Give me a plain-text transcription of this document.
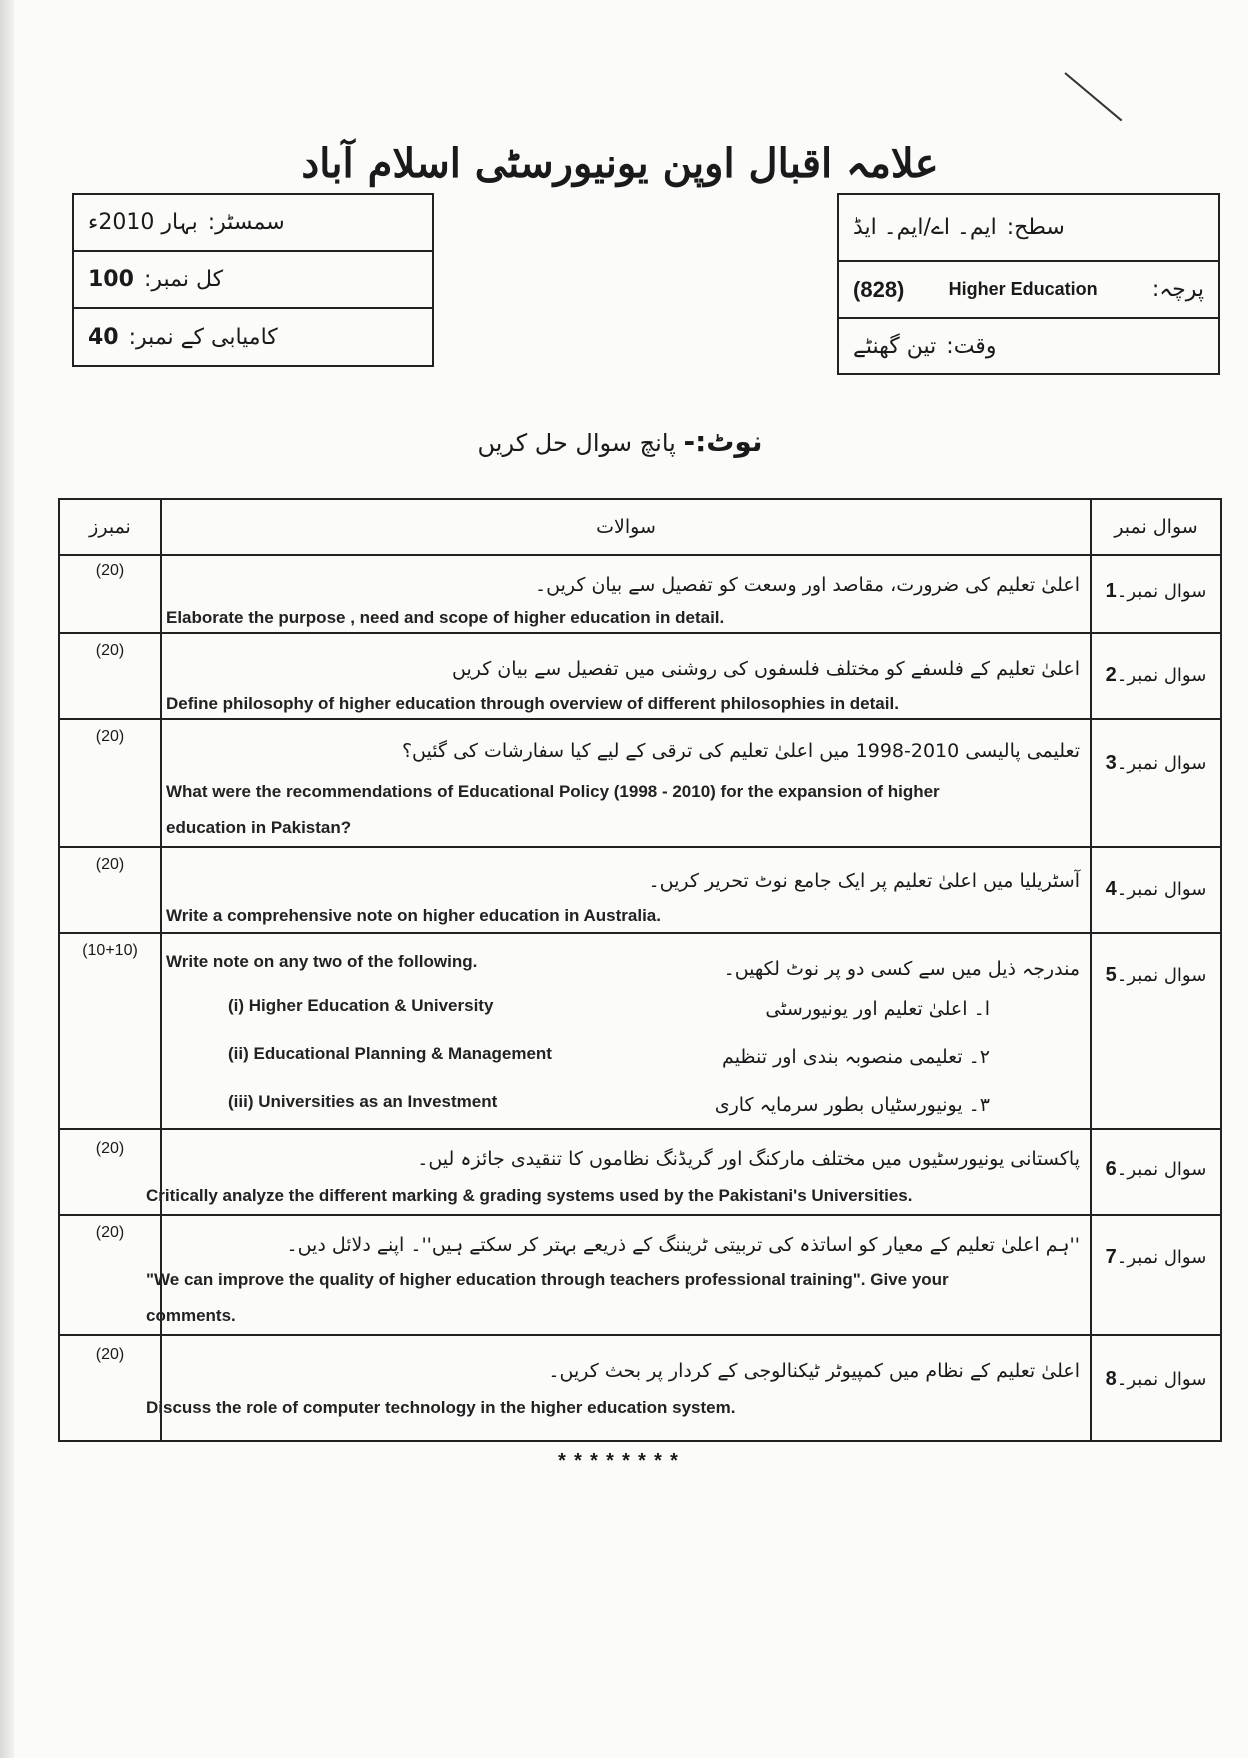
علامہ اقبال اوپن یونیورسٹی اسلام آباد
سمسٹر:
بہار 2010ء
کل نمبر:
100
کامیابی کے نمبر:
40
سطح:
ایم۔ اے/ایم۔ ایڈ
پرچہ:
Higher Education
(828)
وقت:
تین گھنٹے
نوٹ:- پانچ سوال حل کریں
نمبرز	سوالات	سوال نمبر
(20)
سوال نمبر۔1
اعلیٰ تعلیم کی ضرورت، مقاصد اور وسعت کو تفصیل سے بیان کریں۔
Elaborate the purpose , need and scope of higher education in detail.
(20)
سوال نمبر۔2
اعلیٰ تعلیم کے فلسفے کو مختلف فلسفوں کی روشنی میں تفصیل سے بیان کریں
Define philosophy of higher education through overview of different philosophies in detail.
(20)
سوال نمبر۔3
تعلیمی پالیسی 2010-1998 میں اعلیٰ تعلیم کی ترقی کے لیے کیا سفارشات کی گئیں؟
What were the recommendations of Educational Policy (1998 - 2010) for the expansion of higher
education in Pakistan?
(20)
سوال نمبر۔4
آسٹریلیا میں اعلیٰ تعلیم پر ایک جامع نوٹ تحریر کریں۔
Write a comprehensive note on higher education in Australia.
(10+10)
سوال نمبر۔5
مندرجہ ذیل میں سے کسی دو پر نوٹ لکھیں۔
Write note on any two of the following.
(i) Higher Education & University
(ii) Educational Planning & Management
(iii) Universities as an Investment
ا۔ اعلیٰ تعلیم اور یونیورسٹی
۲۔ تعلیمی منصوبہ بندی اور تنظیم
۳۔ یونیورسٹیاں بطور سرمایہ کاری
(20)
سوال نمبر۔6
پاکستانی یونیورسٹیوں میں مختلف مارکنگ اور گریڈنگ نظاموں کا تنقیدی جائزہ لیں۔
Critically analyze the different marking & grading systems used by the Pakistani's Universities.
(20)
سوال نمبر۔7
''ہم اعلیٰ تعلیم کے معیار کو اساتذہ کی تربیتی ٹریننگ کے ذریعے بہتر کر سکتے ہیں''۔ اپنے دلائل دیں۔
"We can improve the quality of higher education through teachers professional training". Give your
comments.
(20)
سوال نمبر۔8
اعلیٰ تعلیم کے نظام میں کمپیوٹر ٹیکنالوجی کے کردار پر بحث کریں۔
Discuss the role of computer technology in the higher education system.
********
